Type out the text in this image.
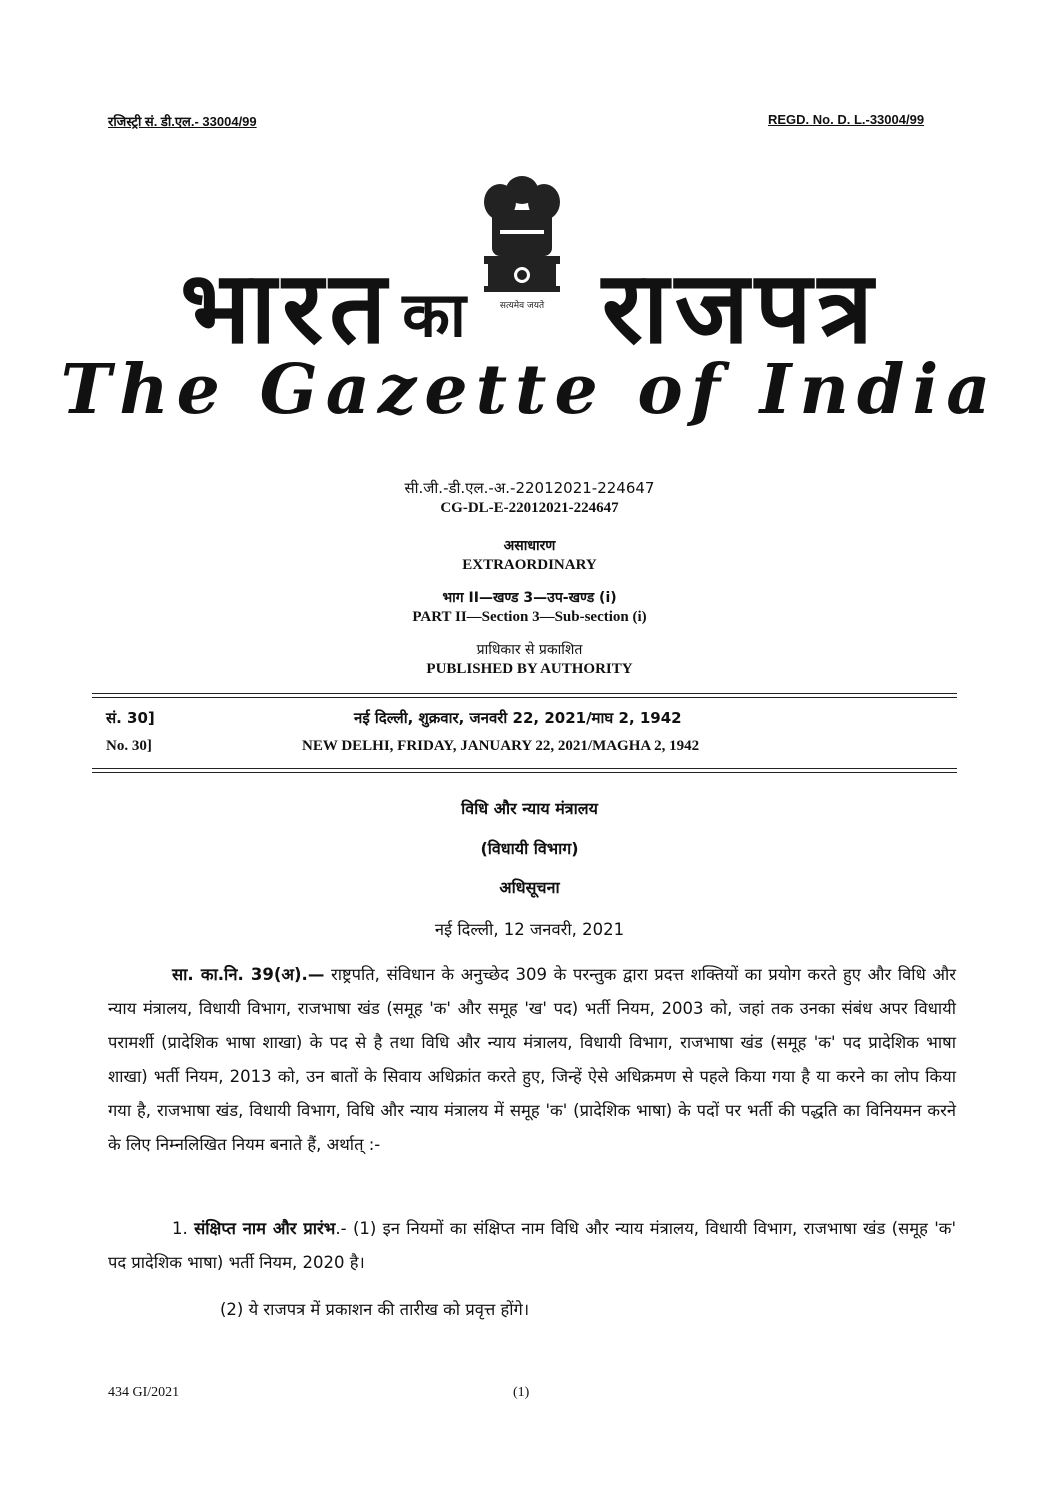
रजिस्ट्री सं. डी.एल.- 33004/99	REGD. No. D. L.-33004/99
सत्यमेव जयते
भारत का राजपत्र
The Gazette of India
सी.जी.-डी.एल.-अ.-22012021-224647
CG-DL-E-22012021-224647
असाधारण
EXTRAORDINARY
भाग II—खण्ड 3—उप-खण्ड (i)
PART II—Section 3—Sub-section (i)
प्राधिकार से प्रकाशित
PUBLISHED BY AUTHORITY
सं. 30]	नई दिल्ली, शुक्रवार, जनवरी 22, 2021/माघ 2, 1942
No. 30]	NEW DELHI, FRIDAY, JANUARY 22, 2021/MAGHA 2, 1942
विधि और न्याय मंत्रालय
(विधायी विभाग)
अधिसूचना
नई दिल्ली, 12 जनवरी, 2021
सा. का.नि. 39(अ).— राष्ट्रपति, संविधान के अनुच्छेद 309 के परन्तुक द्वारा प्रदत्त शक्तियों का प्रयोग करते हुए और विधि और न्याय मंत्रालय, विधायी विभाग, राजभाषा खंड (समूह 'क' और समूह 'ख' पद) भर्ती नियम, 2003 को, जहां तक उनका संबंध अपर विधायी परामर्शी (प्रादेशिक भाषा शाखा) के पद से है तथा विधि और न्याय मंत्रालय, विधायी विभाग, राजभाषा खंड (समूह 'क' पद प्रादेशिक भाषा शाखा) भर्ती नियम, 2013 को, उन बातों के सिवाय अधिक्रांत करते हुए, जिन्हें ऐसे अधिक्रमण से पहले किया गया है या करने का लोप किया गया है, राजभाषा खंड, विधायी विभाग, विधि और न्याय मंत्रालय में समूह 'क' (प्रादेशिक भाषा) के पदों पर भर्ती की पद्धति का विनियमन करने के लिए निम्नलिखित नियम बनाते हैं, अर्थात् :-
1. संक्षिप्त नाम और प्रारंभ.- (1) इन नियमों का संक्षिप्त नाम विधि और न्याय मंत्रालय, विधायी विभाग, राजभाषा खंड (समूह 'क' पद प्रादेशिक भाषा) भर्ती नियम, 2020 है।
(2) ये राजपत्र में प्रकाशन की तारीख को प्रवृत्त होंगे।
434 GI/2021	(1)
